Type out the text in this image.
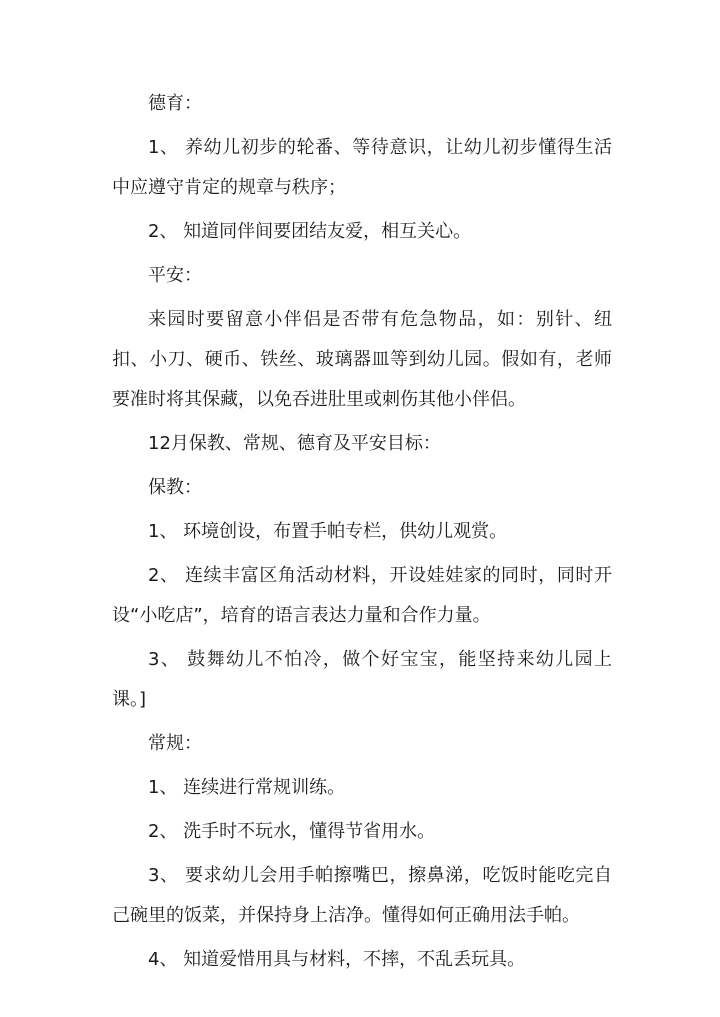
德育：

1、 养幼儿初步的轮番、等待意识，让幼儿初步懂得生活中应遵守肯定的规章与秩序；

2、 知道同伴间要团结友爱，相互关心。

平安：

来园时要留意小伴侣是否带有危急物品，如：别针、纽扣、小刀、硬币、铁丝、玻璃器皿等到幼儿园。假如有，老师要准时将其保藏，以免吞进肚里或刺伤其他小伴侣。

12月保教、常规、德育及平安目标：

保教：

1、 环境创设，布置手帕专栏，供幼儿观赏。

2、 连续丰富区角活动材料，开设娃娃家的同时，同时开设“小吃店”，培育的语言表达力量和合作力量。

3、 鼓舞幼儿不怕冷，做个好宝宝，能坚持来幼儿园上课。]

常规：

1、 连续进行常规训练。

2、 洗手时不玩水，懂得节省用水。

3、 要求幼儿会用手帕擦嘴巴，擦鼻涕，吃饭时能吃完自己碗里的饭菜，并保持身上洁净。懂得如何正确用法手帕。

4、 知道爱惜用具与材料，不摔，不乱丢玩具。
